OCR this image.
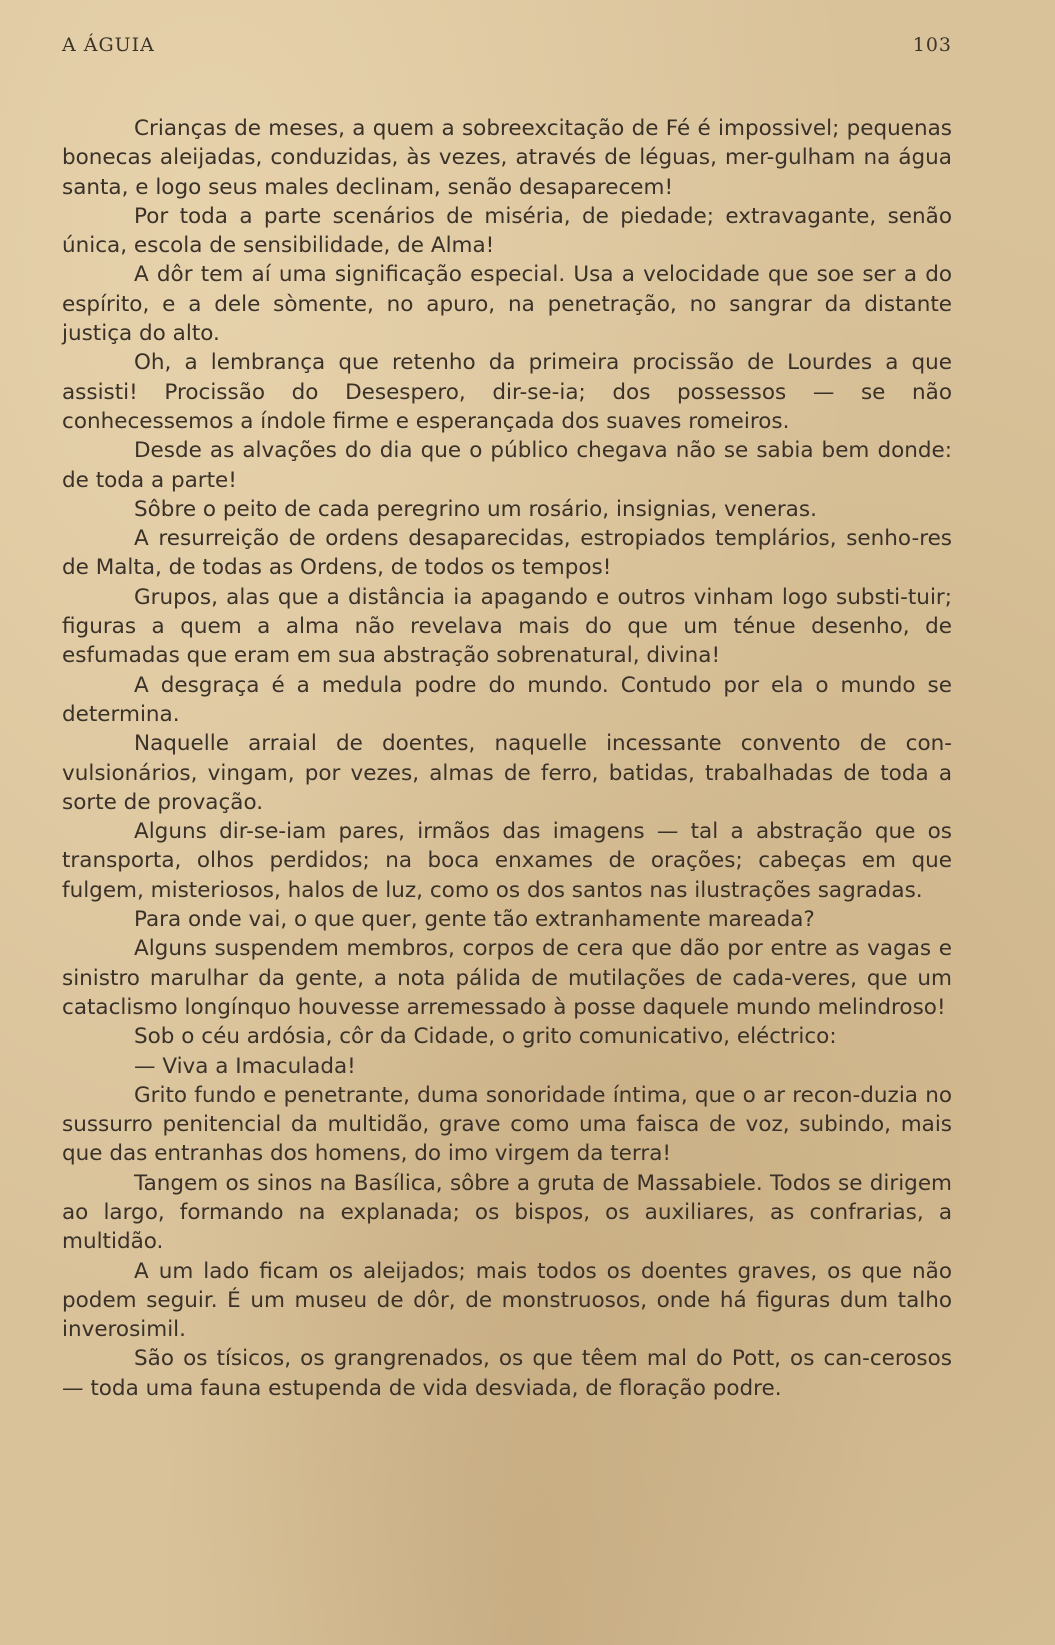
A ÁGUIA	103

Crianças de meses, a quem a sobreexcitação de Fé é impossivel; pequenas bonecas aleijadas, conduzidas, às vezes, através de léguas, mer-gulham na água santa, e logo seus males declinam, senão desaparecem!

Por toda a parte scenários de miséria, de piedade; extravagante, senão única, escola de sensibilidade, de Alma!

A dôr tem aí uma significação especial. Usa a velocidade que soe ser a do espírito, e a dele sòmente, no apuro, na penetração, no sangrar da distante justiça do alto.

Oh, a lembrança que retenho da primeira procissão de Lourdes a que assisti! Procissão do Desespero, dir-se-ia; dos possessos — se não conhecessemos a índole firme e esperançada dos suaves romeiros.

Desde as alvações do dia que o público chegava não se sabia bem donde: de toda a parte!

Sôbre o peito de cada peregrino um rosário, insignias, veneras.

A resurreição de ordens desaparecidas, estropiados templários, senho-res de Malta, de todas as Ordens, de todos os tempos!

Grupos, alas que a distância ia apagando e outros vinham logo substi-tuir; figuras a quem a alma não revelava mais do que um ténue desenho, de esfumadas que eram em sua abstração sobrenatural, divina!

A desgraça é a medula podre do mundo. Contudo por ela o mundo se determina.

Naquelle arraial de doentes, naquelle incessante convento de con-vulsionários, vingam, por vezes, almas de ferro, batidas, trabalhadas de toda a sorte de provação.

Alguns dir-se-iam pares, irmãos das imagens — tal a abstração que os transporta, olhos perdidos; na boca enxames de orações; cabeças em que fulgem, misteriosos, halos de luz, como os dos santos nas ilustrações sagradas.

Para onde vai, o que quer, gente tão extranhamente mareada?

Alguns suspendem membros, corpos de cera que dão por entre as vagas e sinistro marulhar da gente, a nota pálida de mutilações de cada-veres, que um cataclismo longínquo houvesse arremessado à posse daquele mundo melindroso!

Sob o céu ardósia, côr da Cidade, o grito comunicativo, eléctrico:

— Viva a Imaculada!

Grito fundo e penetrante, duma sonoridade íntima, que o ar recon-duzia no sussurro penitencial da multidão, grave como uma faisca de voz, subindo, mais que das entranhas dos homens, do imo virgem da terra!

Tangem os sinos na Basílica, sôbre a gruta de Massabiele. Todos se dirigem ao largo, formando na explanada; os bispos, os auxiliares, as confrarias, a multidão.

A um lado ficam os aleijados; mais todos os doentes graves, os que não podem seguir. É um museu de dôr, de monstruosos, onde há figuras dum talho inverosimil.

São os tísicos, os grangrenados, os que têem mal do Pott, os can-cerosos — toda uma fauna estupenda de vida desviada, de floração podre.
